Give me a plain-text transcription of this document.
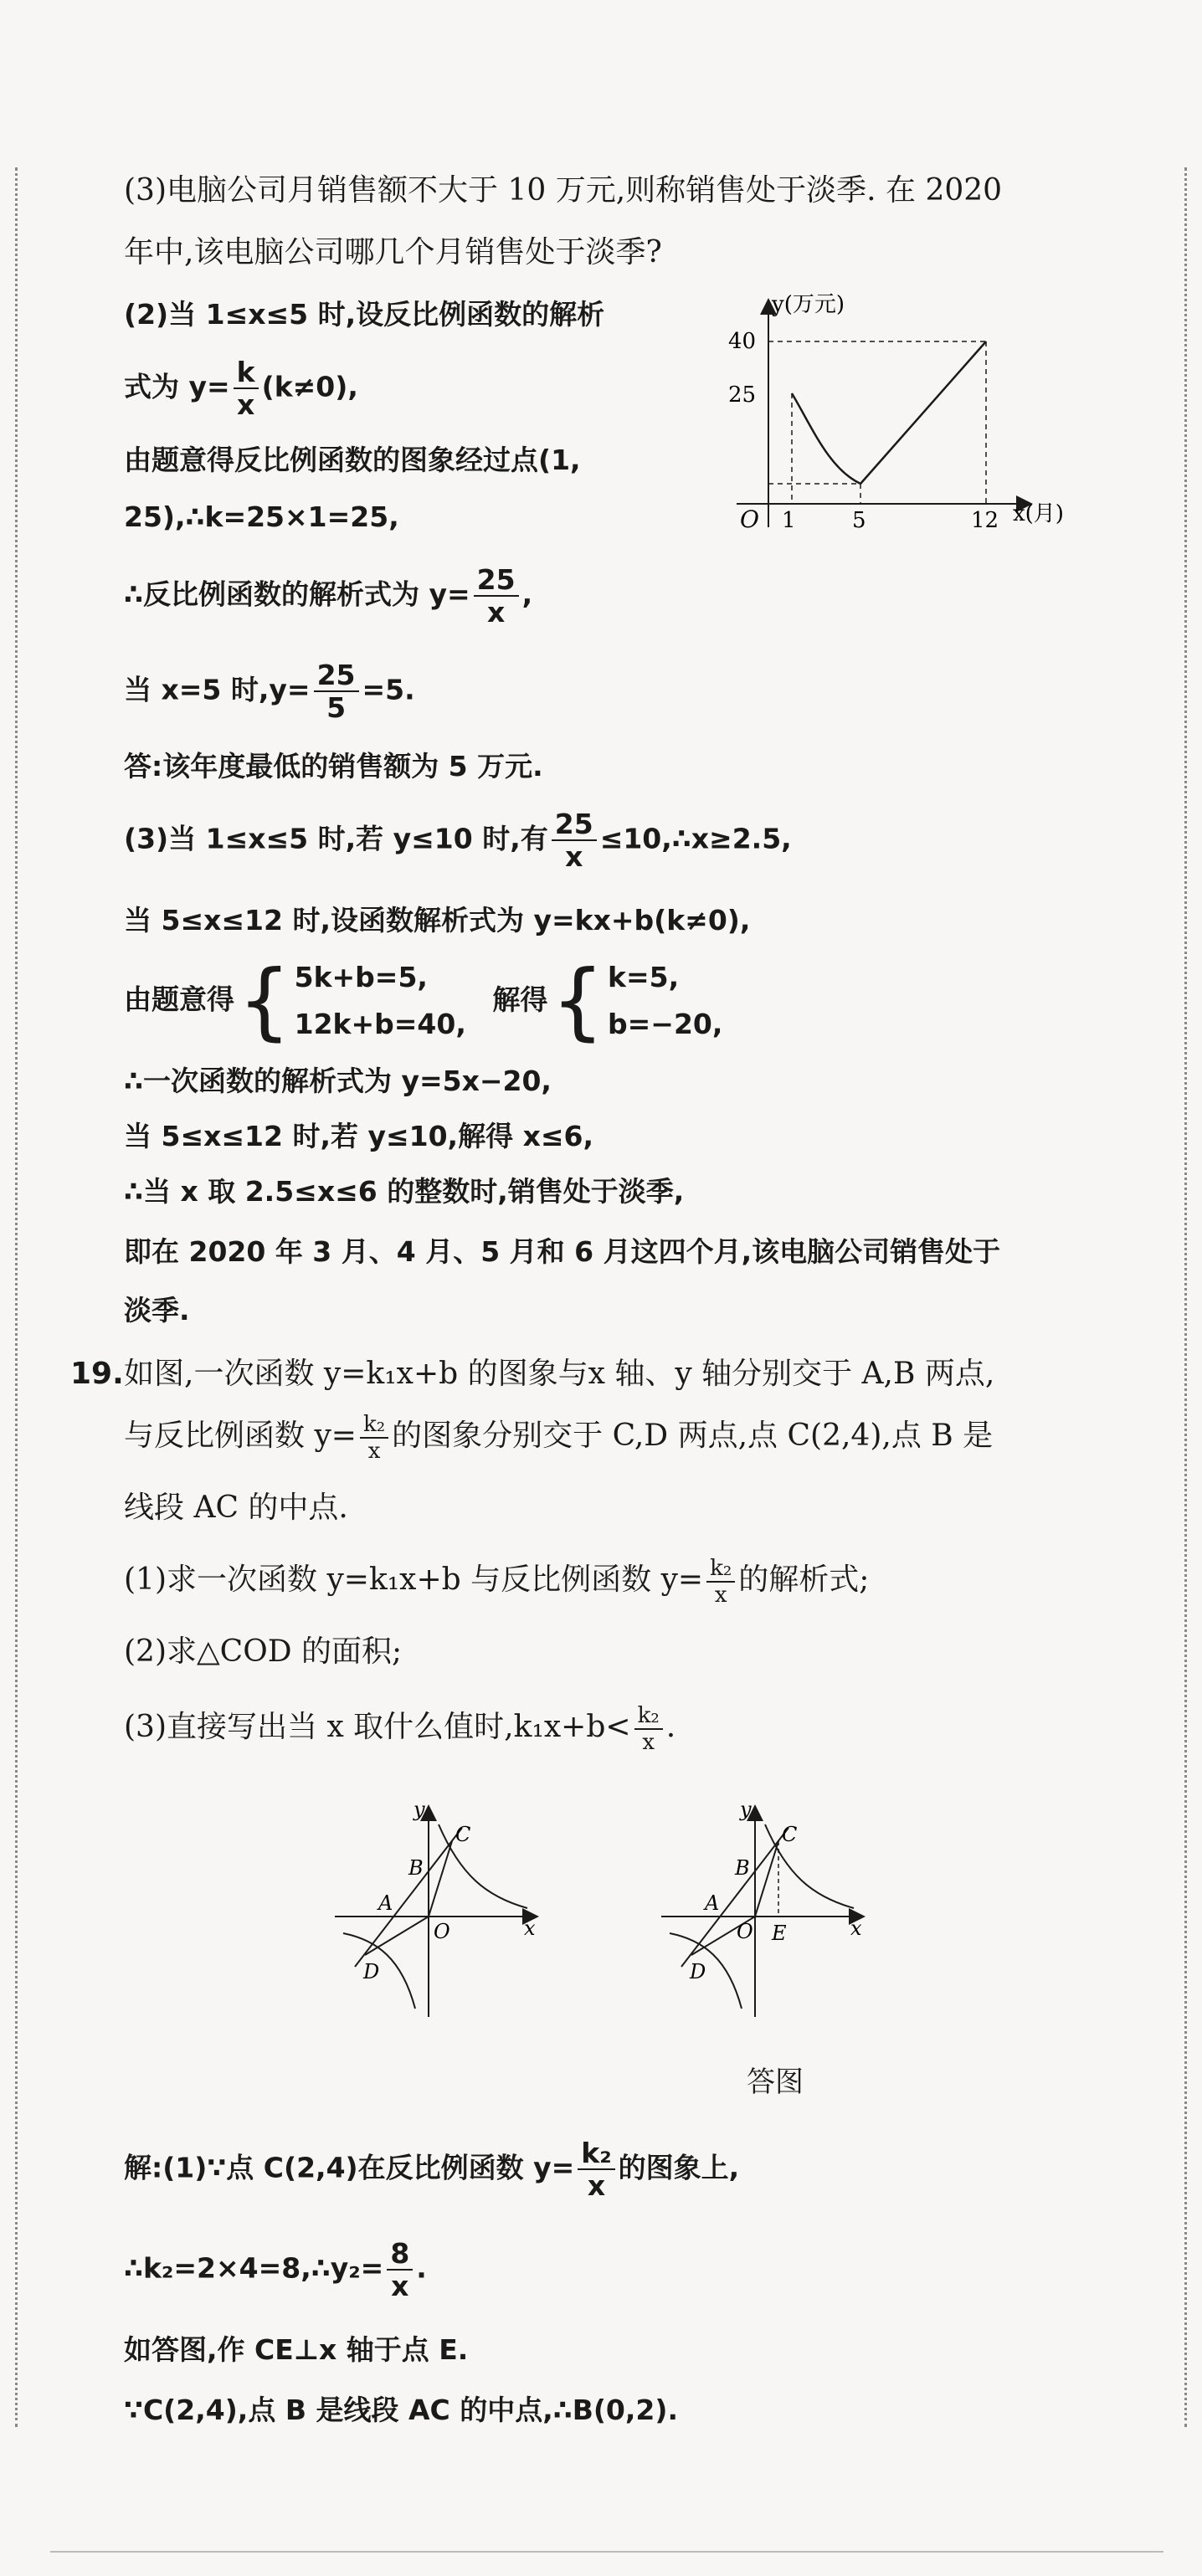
(3)电脑公司月销售额不大于 10 万元,则称销售处于淡季. 在 2020
年中,该电脑公司哪几个月销售处于淡季?
(2)当 1≤x≤5 时,设反比例函数的解析
式为 $y= \frac{k}{x} (k\ne 0)$,
由题意得反比例函数的图象经过点(1,
25),∴k=25×1=25,
∴反比例函数的解析式为 $y= \frac{25}{x}$ ,
当 x=5 时$,y= \frac{25}{5} =5$.
答:该年度最低的销售额为 5 万元.
y(万元)
x(月)
O
40
25
1	5	12
(3)当 1≤x≤5 时,若 y≤10 时,有 $\frac{25}{x}$ ≤10,∴x≥2.5,
当 5≤x≤12 时,设函数解析式为 y=kx+b(k≠0),
由题意得{ 5k+b=5,
12k+b=40, 解得{ k=5,
b=−20,
∴一次函数的解析式为 y=5x−20,
当 5≤x≤12 时,若 y≤10,解得 x≤6,
∴当 x 取 2.5≤x≤6 的整数时,销售处于淡季,
即在 2020 年 3 月、4 月、5 月和 6 月这四个月,该电脑公司销售处于
淡季.
19. 如图,一次函数 y=k₁x+b 的图象与x 轴、y 轴分别交于 A,B 两点,
与反比例函数 $y= \frac{\text{k₂}}{x}$ 的图象分别交于 C,D 两点,点 C(2,4),点 B 是
线段 AC 的中点.
(1)求一次函数 y=k₁x+b 与反比例函数 $y= \frac{\text{k₂}}{x}$ 的解析式;
(2)求△COD 的面积;
(3)直接写出当 x 取什么值时$,k_1x+b< \frac{\text{k₂}}{x}$ .
y
B
C
A
O	x
D
y
B
C
A
O E	x
D
答图
解:(1)∵点 C(2,4)在反比例函数 $y= \frac{\text{k₂}}{x}$ 的图象上,
∴k₂=2×4=8,∴y₂= $\frac{8}{x}$ .
如答图,作 CE⊥x 轴于点 E.
∵C(2,4),点 B 是线段 AC 的中点,∴B(0,2).
